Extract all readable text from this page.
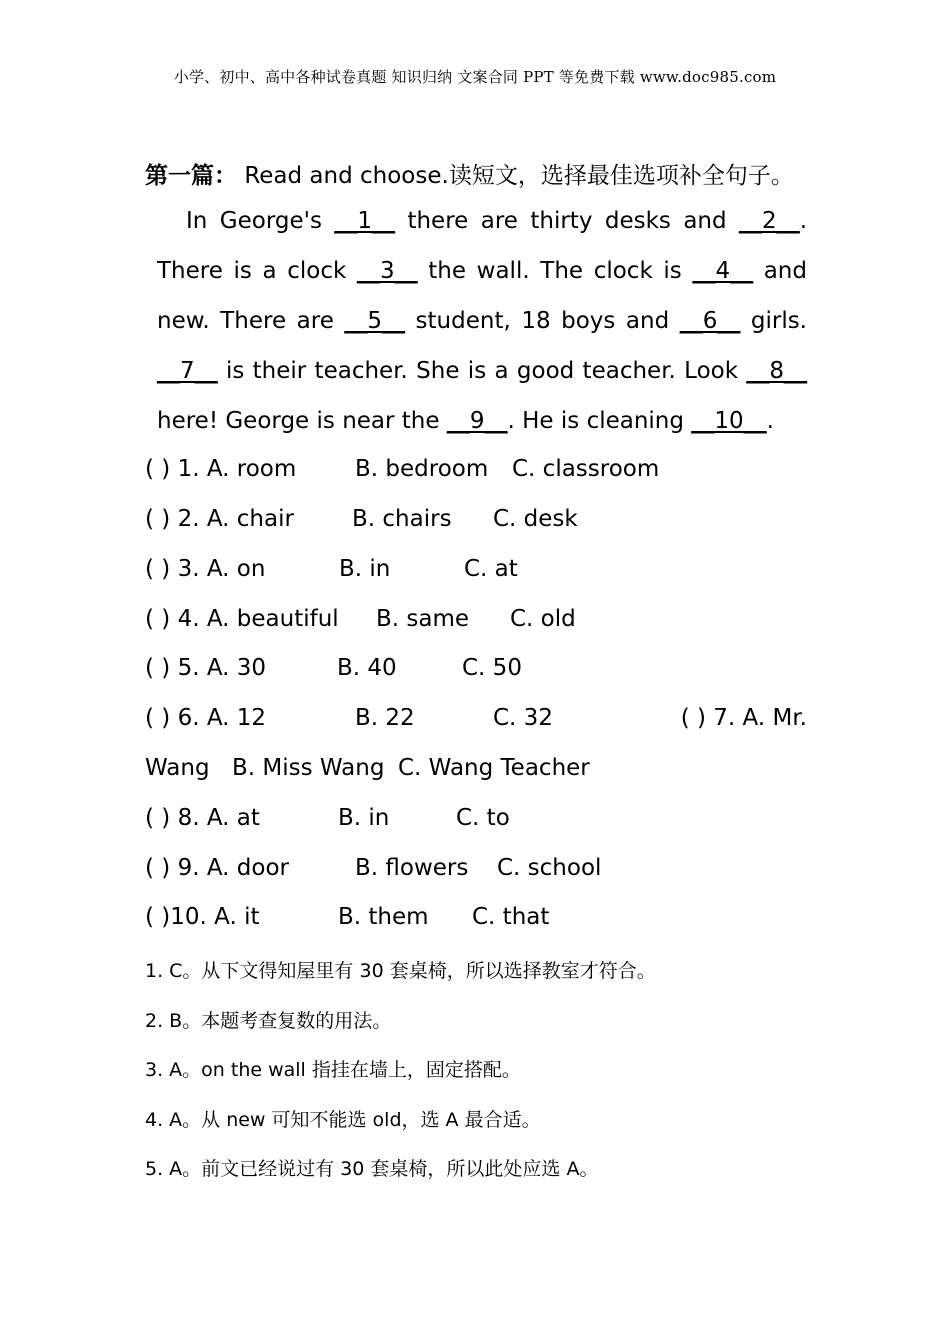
小学、初中、高中各种试卷真题 知识归纳 文案合同 PPT 等免费下载 www.doc985.com
第一篇： Read and choose.读短文，选择最佳选项补全句子。
In George's __1__ there are thirty desks and __2__. There is a clock __3__ the wall. The clock is __4__ and new. There are __5__ student, 18 boys and __6__ girls. __7__ is their teacher. She is a good teacher. Look __8__ here! George is near the __9__. He is cleaning __10__.
( ) 1. A. room	B. bedroom C. classroom
( ) 2. A. chair	B. chairs C. desk
( ) 3. A. on	B. in	C. at
( ) 4. A. beautiful B. same C. old
( ) 5. A. 30	B. 40	C. 50
( ) 6. A. 12	B. 22	C. 32	( ) 7. A. Mr.
Wang B. Miss Wang C. Wang Teacher
( ) 8. A. at	B. in	C. to
( ) 9. A. door	B. flowers C. school
( )10. A. it	B. them C. that
1. C。从下文得知屋里有 30 套桌椅，所以选择教室才符合。
2. B。本题考查复数的用法。
3. A。on the wall 指挂在墙上，固定搭配。
4. A。从 new 可知不能选 old，选 A 最合适。
5. A。前文已经说过有 30 套桌椅，所以此处应选 A。
